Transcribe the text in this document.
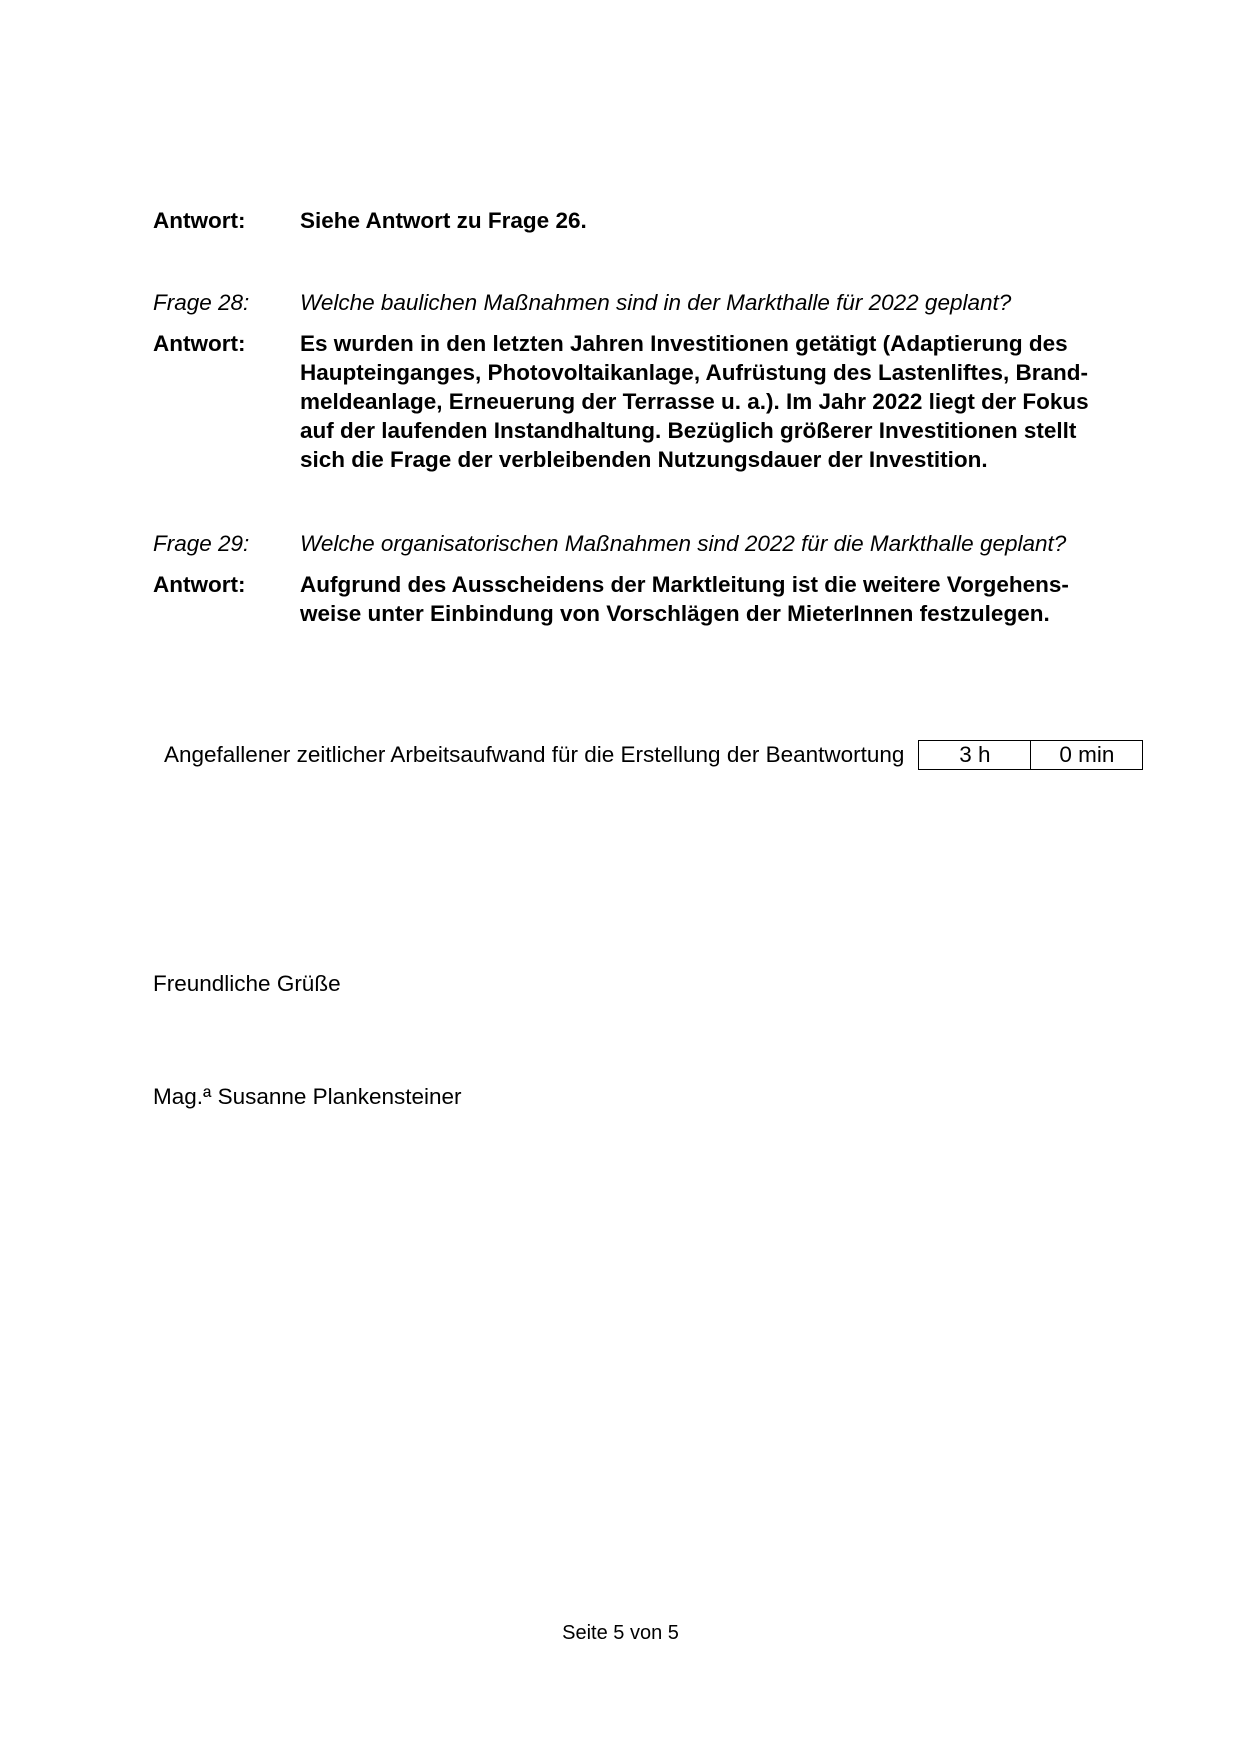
Antwort:	Siehe Antwort zu Frage 26.
Frage 28:	Welche baulichen Maßnahmen sind in der Markthalle für 2022 geplant?
Antwort:	Es wurden in den letzten Jahren Investitionen getätigt (Adaptierung des
Haupteinganges, Photovoltaikanlage, Aufrüstung des Lastenliftes, Brand-
meldeanlage, Erneuerung der Terrasse u. a.). Im Jahr 2022 liegt der Fokus
auf der laufenden Instandhaltung. Bezüglich größerer Investitionen stellt
sich die Frage der verbleibenden Nutzungsdauer der Investition.
Frage 29:	Welche organisatorischen Maßnahmen sind 2022 für die Markthalle geplant?
Antwort:	Aufgrund des Ausscheidens der Marktleitung ist die weitere Vorgehens-
weise unter Einbindung von Vorschlägen der MieterInnen festzulegen.
Angefallener zeitlicher Arbeitsaufwand für die Erstellung der Beantwortung	3 h	0 min
Freundliche Grüße
Mag.ª Susanne Plankensteiner
Seite 5 von 5
